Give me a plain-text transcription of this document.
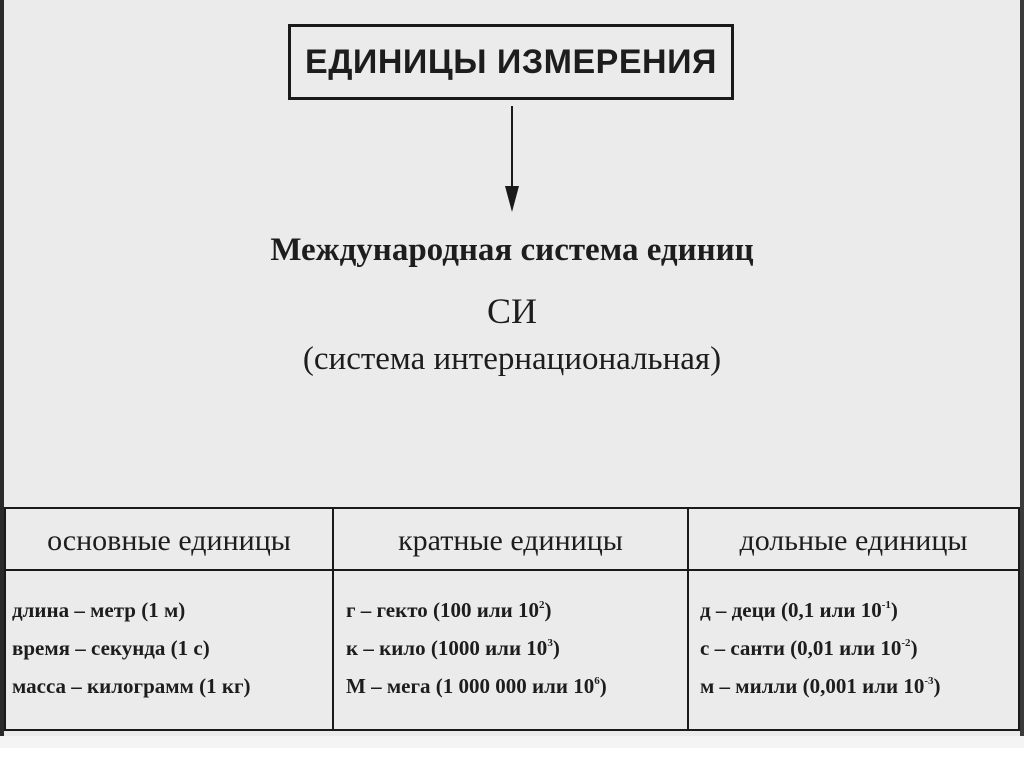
ЕДИНИЦЫ ИЗМЕРЕНИЯ
Международная система единиц
СИ
(система интернациональная)
основные единицы	кратные единицы	дольные единицы
длина – метр (1 м)
время – секунда (1 с)
масса – килограмм (1 кг)
г – гекто (100 или $10^2$)
к – кило (1000 или $10^3$)
М – мега (1 000 000 или $10^6$)
д – деци (0,1 или $10^{-1}$)
с – санти (0,01 или $10^{-2}$)
м – милли (0,001 или $10^{-3}$)
